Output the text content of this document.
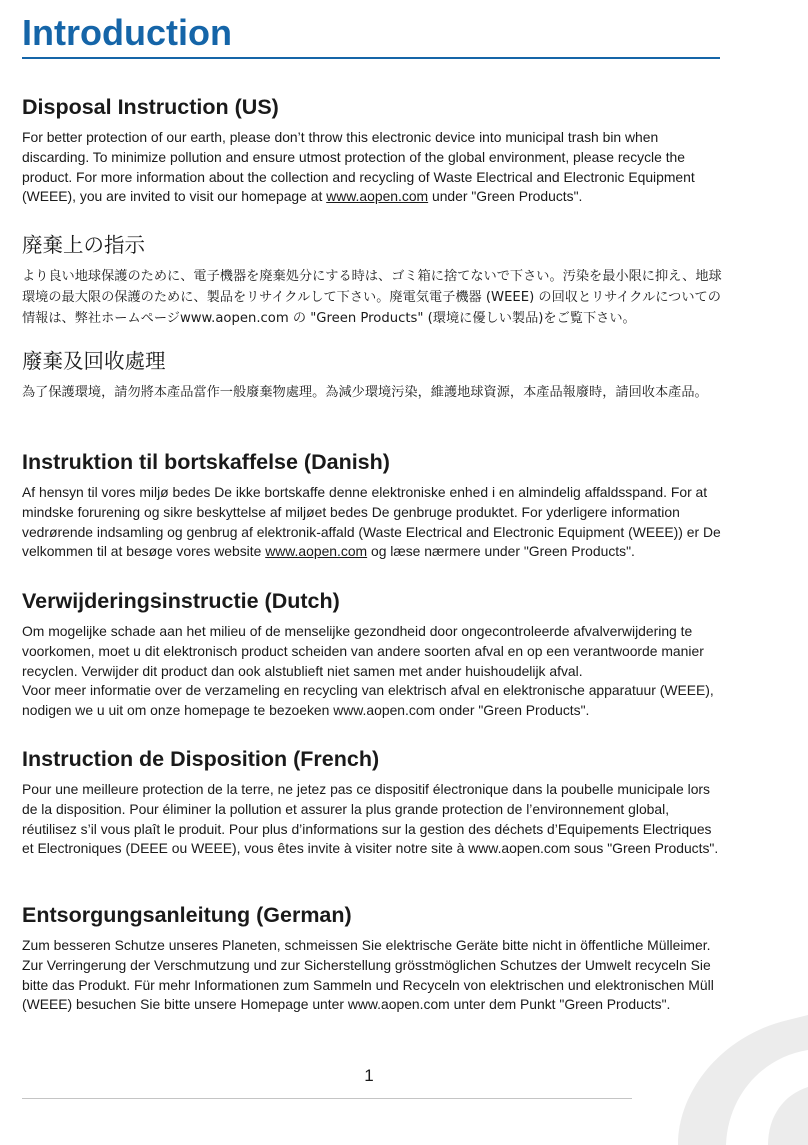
Introduction
Disposal Instruction (US)

For better protection of our earth, please don’t throw this electronic device into municipal trash bin when discarding. To minimize pollution and ensure utmost protection of the global environment, please recycle the product. For more information about the collection and recycling of Waste Electrical and Electronic Equipment (WEEE), you are invited to visit our homepage at www.aopen.com under "Green Products".

廃棄上の指示

より良い地球保護のために、電子機器を廃棄処分にする時は、ゴミ箱に捨てないで下さい。汚染を最小限に抑え、地球環境の最大限の保護のために、製品をリサイクルして下さい。廃電気電子機器 (WEEE) の回収とリサイクルについての情報は、弊社ホームページwww.aopen.com の "Green Products" (環境に優しい製品)をご覧下さい。

廢棄及回收處理

為了保護環境，請勿將本產品當作一般廢棄物處理。為減少環境污染，維護地球資源，本產品報廢時，請回收本產品。

Instruktion til bortskaffelse (Danish)

Af hensyn til vores miljø bedes De ikke bortskaffe denne elektroniske enhed i en almindelig affaldsspand. For at mindske forurening og sikre beskyttelse af miljøet bedes De genbruge produktet. For yderligere information vedrørende indsamling og genbrug af elektronik-affald (Waste Electrical and Electronic Equipment (WEEE)) er De velkommen til at besøge vores website www.aopen.com og læse nærmere under "Green Products".

Verwijderingsinstructie (Dutch)

Om mogelijke schade aan het milieu of de menselijke gezondheid door ongecontroleerde afvalverwijdering te voorkomen, moet u dit elektronisch product scheiden van andere soorten afval en op een verantwoorde manier recyclen. Verwijder dit product dan ook alstublieft niet samen met ander huishoudelijk afval.
Voor meer informatie over de verzameling en recycling van elektrisch afval en elektronische apparatuur (WEEE), nodigen we u uit om onze homepage te bezoeken www.aopen.com onder "Green Products".

Instruction de Disposition (French)

Pour une meilleure protection de la terre, ne jetez pas ce dispositif électronique dans la poubelle municipale lors de la disposition. Pour éliminer la pollution et assurer la plus grande protection de l’environnement global, réutilisez s’il vous plaît le produit. Pour plus d’informations sur la gestion des déchets d’Equipements Electriques et Electroniques (DEEE ou WEEE), vous êtes invite à visiter notre site à www.aopen.com sous "Green Products".

Entsorgungsanleitung (German)

Zum besseren Schutze unseres Planeten, schmeissen Sie elektrische Geräte bitte nicht in öffentliche Mülleimer. Zur Verringerung der Verschmutzung und zur Sicherstellung grösstmöglichen Schutzes der Umwelt recyceln Sie bitte das Produkt. Für mehr Informationen zum Sammeln und Recyceln von elektrischen und elektronischen Müll (WEEE) besuchen Sie bitte unsere Homepage unter www.aopen.com unter dem Punkt "Green Products".

1
